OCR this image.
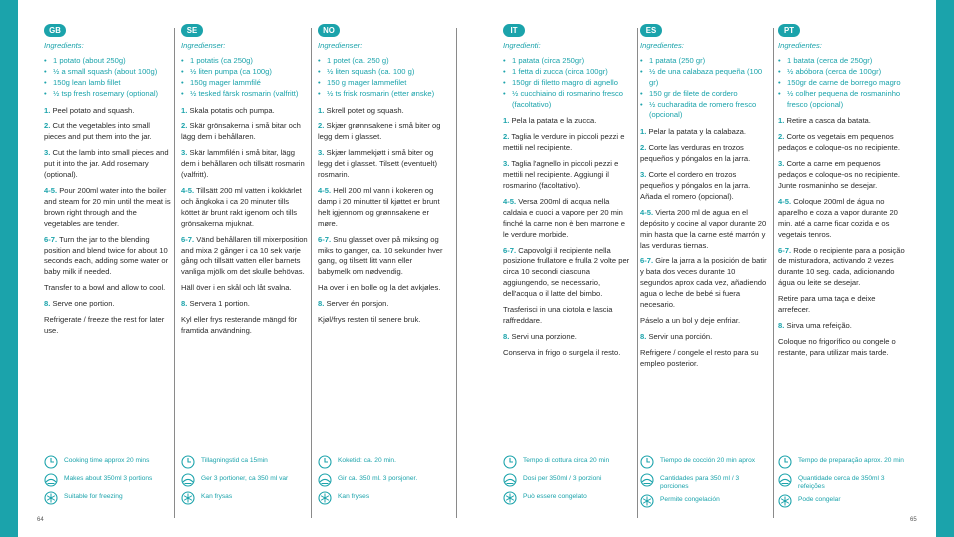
GB
Ingredients:
• 1 potato (about 250g)
• ½ a small squash (about 100g)
• 150g lean lamb fillet
• ½ tsp fresh rosemary (optional)
1. Peel potato and squash.
2. Cut the vegetables into small pieces and put them into the jar.
3. Cut the lamb into small pieces and put it into the jar. Add rosemary (optional).
4-5. Pour 200ml water into the boiler and steam for 20 min until the meat is brown right through and the vegetables are tender.
6-7. Turn the jar to the blending position and blend twice for about 10 seconds each, adding some water or baby milk if needed.
Transfer to a bowl and allow to cool.
8. Serve one portion.
Refrigerate / freeze the rest for later use.
Cooking time approx 20 mins
Makes about 350ml 3 portions
Suitable for freezing
SE
Ingredienser:
• 1 potatis (ca 250g)
• ½ liten pumpa (ca 100g)
• 150g mager lammfilé
• ½ tesked färsk rosmarin (valfritt)
1. Skala potatis och pumpa.
2. Skär grönsakerna i små bitar och lägg dem i behållaren.
3. Skär lammfilén i små bitar, lägg dem i behållaren och tillsätt rosmarin (valfritt).
4-5. Tillsätt 200 ml vatten i kokkärlet och ångkoka i ca 20 minuter tills köttet är brunt rakt igenom och tills grönsakerna mjuknat.
6-7. Vänd behållaren till mixerposition and mixa 2 gånger i ca 10 sek varje gång och tillsätt vatten eller barnets vanliga mjölk om det skulle behövas.
Häll över i en skål och låt svalna.
8. Servera 1 portion.
Kyl eller frys resterande mängd för framtida användning.
Tillagningstid ca 15min
Ger 3 portioner, ca 350 ml var
Kan frysas
NO
Ingredienser:
• 1 potet (ca. 250 g)
• ½ liten squash (ca. 100 g)
• 150 g mager lammefilet
• ½ ts frisk rosmarin (etter ønske)
1. Skrell potet og squash.
2. Skjær grønnsakene i små biter og legg dem i glasset.
3. Skjær lammekjøtt i små biter og legg det i glasset. Tilsett (eventuelt) rosmarin.
4-5. Hell 200 ml vann i kokeren og damp i 20 minutter til kjøttet er brunt helt igjennom og grønnsakene er møre.
6-7. Snu glasset over på miksing og miks to ganger, ca. 10 sekunder hver gang, og tilsett litt vann eller babymelk om nødvendig.
Ha over i en bolle og la det avkjøles.
8. Server én porsjon.
Kjøl/frys resten til senere bruk.
Koketid: ca. 20 min.
Gir ca. 350 ml. 3 porsjoner.
Kan fryses
IT
Ingredienti:
• 1 patata (circa 250gr)
• 1 fetta di zucca (circa 100gr)
• 150gr di filetto magro di agnello
• ½ cucchiaino di rosmarino fresco (facoltativo)
1. Pela la patata e la zucca.
2. Taglia le verdure in piccoli pezzi e mettili nel recipiente.
3. Taglia l'agnello in piccoli pezzi e mettili nel recipiente. Aggiungi il rosmarino (facoltativo).
4-5. Versa 200ml di acqua nella caldaia e cuoci a vapore per 20 min finché la carne non è ben marrone e le verdure morbide.
6-7. Capovolgi il recipiente nella posizione frullatore e frulla 2 volte per circa 10 secondi ciascuna aggiungendo, se necessario, dell'acqua o il latte del bimbo.
Trasferisci in una ciotola e lascia raffreddare.
8. Servi una porzione.
Conserva in frigo o surgela il resto.
Tempo di cottura circa 20 min
Dosi per 350ml / 3 porzioni
Può essere congelato
ES
Ingredientes:
• 1 patata (250 gr)
• ½ de una calabaza pequeña (100 gr)
• 150 gr de filete de cordero
• ½ cucharadita de romero fresco (opcional)
1. Pelar la patata y la calabaza.
2. Corte las verduras en trozos pequeños y póngalos en la jarra.
3. Corte el cordero en trozos pequeños y póngalos en la jarra. Añada el romero (opcional).
4-5. Vierta 200 ml de agua en el depósito y cocine al vapor durante 20 min hasta que la carne esté marrón y las verduras tiernas.
6-7. Gire la jarra a la posición de batir y bata dos veces durante 10 segundos aprox cada vez, añadiendo agua o leche de bebé si fuera necesario.
Páselo a un bol y deje enfriar.
8. Servir una porción.
Refrigere / congele el resto para su empleo posterior.
Tiempo de cocción 20 min aprox
Cantidades para 350 ml / 3 porciones
Permite congelación
PT
Ingredientes:
• 1 batata (cerca de 250gr)
• ½ abóbora (cerca de 100gr)
• 150gr de carne de borrego magro
• ½ colher pequena de rosmaninho fresco (opcional)
1. Retire a casca da batata.
2. Corte os vegetais em pequenos pedaços e coloque-os no recipiente.
3. Corte a carne em pequenos pedaços e coloque-os no recipiente. Junte rosmaninho se desejar.
4-5. Coloque 200ml de água no aparelho e coza a vapor durante 20 min. até a carne ficar cozida e os vegetais tenros.
6-7. Rode o recipiente para a posição de misturadora, activando 2 vezes durante 10 seg. cada, adicionando água ou leite se desejar.
Retire para uma taça e deixe arrefecer.
8. Sirva uma refeição.
Coloque no frigorífico ou congele o restante, para utilizar mais tarde.
Tempo de preparação aprox. 20 min
Quantidade cerca de 350ml 3 refeições
Pode congelar
64	65
